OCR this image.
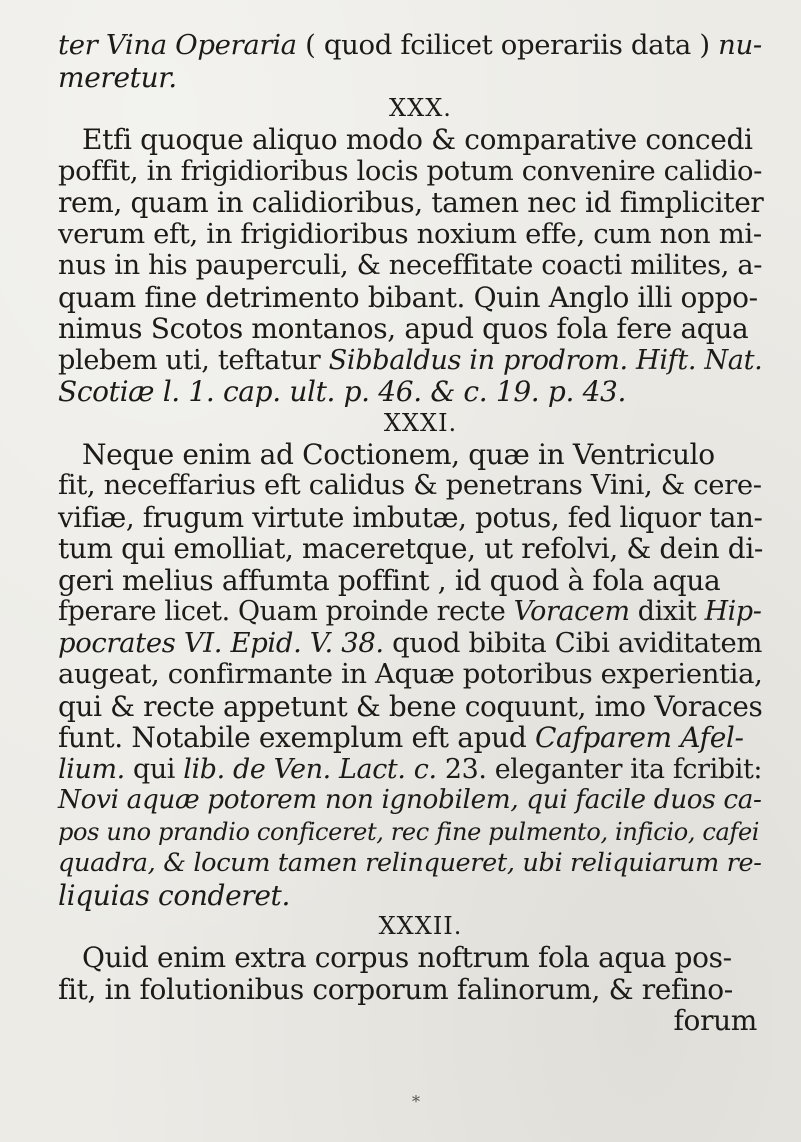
ter Vina Operaria ( quod fcilicet operariis data ) nu-
meretur.
XXX.
Etfi quoque aliquo modo & comparative concedi
poffit, in frigidioribus locis potum convenire calidio-
rem, quam in calidioribus, tamen nec id fimpliciter
verum eft, in frigidioribus noxium effe, cum non mi-
nus in his pauperculi, & neceffitate coacti milites, a-
quam fine detrimento bibant. Quin Anglo illi oppo-
nimus Scotos montanos, apud quos fola fere aqua
plebem uti, teftatur Sibbaldus in prodrom. Hift. Nat.
Scotiæ l. 1. cap. ult. p. 46. & c. 19. p. 43.
XXXI.
Neque enim ad Coctionem, quæ in Ventriculo
fit, neceffarius eft calidus & penetrans Vini, & cere-
vifiæ, frugum virtute imbutæ, potus, fed liquor tan-
tum qui emolliat, maceretque, ut refolvi, & dein di-
geri melius affumta poffint , id quod à fola aqua
fperare licet. Quam proinde recte Voracem dixit Hip-
pocrates VI. Epid. V. 38. quod bibita Cibi aviditatem
augeat, confirmante in Aquæ potoribus experientia,
qui & recte appetunt & bene coquunt, imo Voraces
funt. Notabile exemplum eft apud Cafparem Afel-
lium. qui lib. de Ven. Lact. c. 23. eleganter ita fcribit:
Novi aquæ potorem non ignobilem, qui facile duos ca-
pos uno prandio conficeret, rec fine pulmento, inficio, cafei
quadra, & locum tamen relinqueret, ubi reliquiarum re-
liquias conderet.
XXXII.
Quid enim extra corpus noftrum fola aqua pos-
fit, in folutionibus corporum falinorum, & refino-
forum
*
